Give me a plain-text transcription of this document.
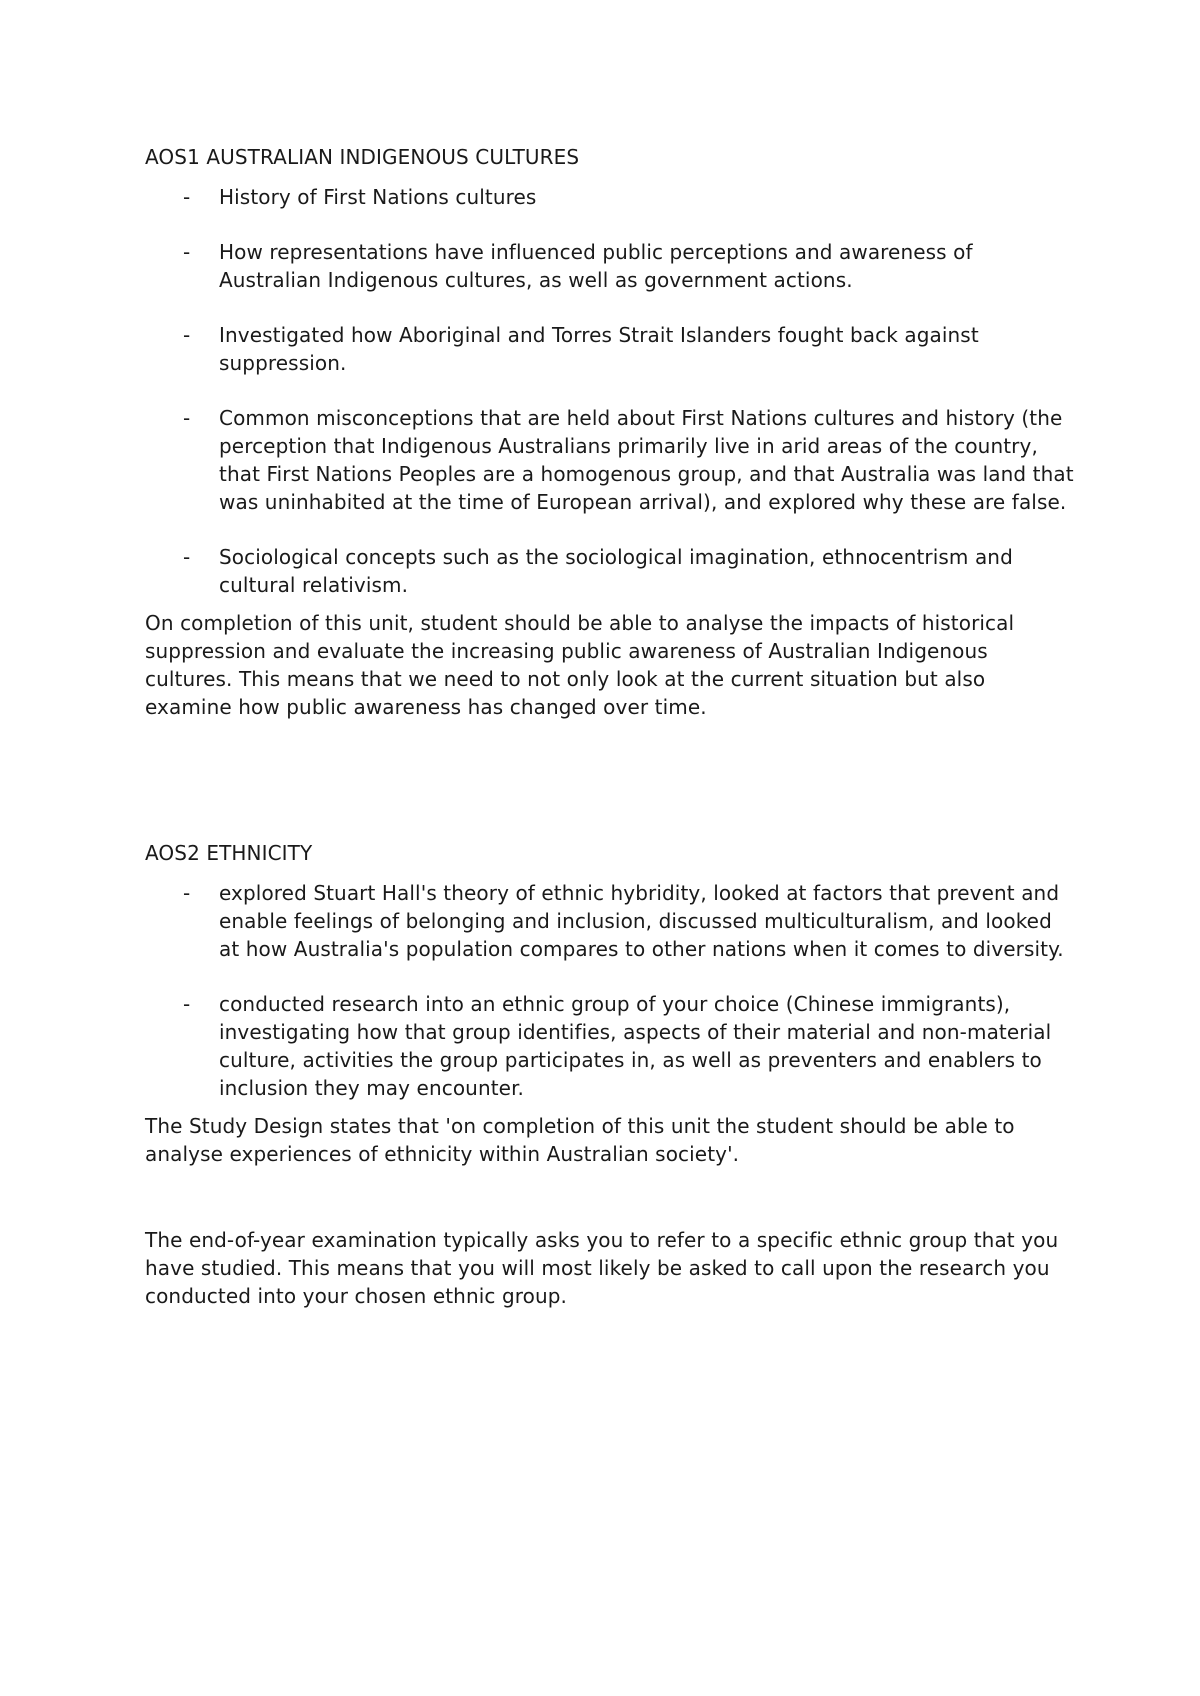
AOS1 AUSTRALIAN INDIGENOUS CULTURES

- History of First Nations cultures
- How representations have influenced public perceptions and awareness of Australian Indigenous cultures, as well as government actions.
- Investigated how Aboriginal and Torres Strait Islanders fought back against suppression.
- Common misconceptions that are held about First Nations cultures and history (the perception that Indigenous Australians primarily live in arid areas of the country, that First Nations Peoples are a homogenous group, and that Australia was land that was uninhabited at the time of European arrival), and explored why these are false.
- Sociological concepts such as the sociological imagination, ethnocentrism and cultural relativism.

On completion of this unit, student should be able to analyse the impacts of historical suppression and evaluate the increasing public awareness of Australian Indigenous cultures. This means that we need to not only look at the current situation but also examine how public awareness has changed over time.

AOS2 ETHNICITY

- explored Stuart Hall's theory of ethnic hybridity, looked at factors that prevent and enable feelings of belonging and inclusion, discussed multiculturalism, and looked at how Australia's population compares to other nations when it comes to diversity.
- conducted research into an ethnic group of your choice (Chinese immigrants), investigating how that group identifies, aspects of their material and non-material culture, activities the group participates in, as well as preventers and enablers to inclusion they may encounter.

The Study Design states that 'on completion of this unit the student should be able to analyse experiences of ethnicity within Australian society'.

The end-of-year examination typically asks you to refer to a specific ethnic group that you have studied. This means that you will most likely be asked to call upon the research you conducted into your chosen ethnic group.
